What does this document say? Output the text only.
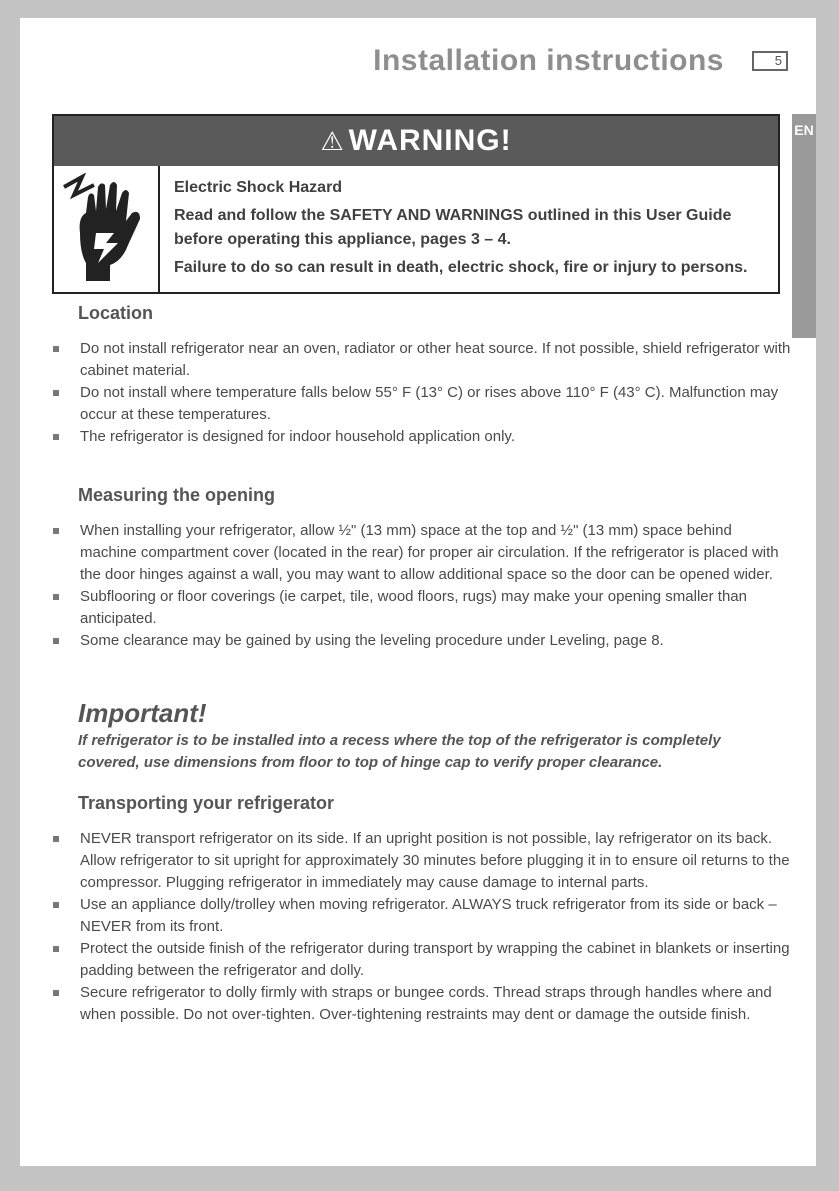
Installation instructions	5
⚠ WARNING!

Electric Shock Hazard

Read and follow the SAFETY AND WARNINGS outlined in this User Guide before operating this appliance, pages 3 – 4.

Failure to do so can result in death, electric shock, fire or injury to persons.

EN
Location
Do not install refrigerator near an oven, radiator or other heat source. If not possible, shield refrigerator with cabinet material.
Do not install where temperature falls below 55° F (13° C) or rises above 110° F (43° C). Malfunction may occur at these temperatures.
The refrigerator is designed for indoor household application only.
Measuring the opening
When installing your refrigerator, allow ½" (13 mm) space at the top and ½" (13 mm) space behind machine compartment cover (located in the rear) for proper air circulation. If the refrigerator is placed with the door hinges against a wall, you may want to allow additional space so the door can be opened wider.
Subflooring or floor coverings (ie carpet, tile, wood floors, rugs) may make your opening smaller than anticipated.
Some clearance may be gained by using the leveling procedure under Leveling, page 8.
Important!
If refrigerator is to be installed into a recess where the top of the refrigerator is completely covered, use dimensions from floor to top of hinge cap to verify proper clearance.
Transporting your refrigerator
NEVER transport refrigerator on its side. If an upright position is not possible, lay refrigerator on its back. Allow refrigerator to sit upright for approximately 30 minutes before plugging it in to ensure oil returns to the compressor. Plugging refrigerator in immediately may cause damage to internal parts.
Use an appliance dolly/trolley when moving refrigerator. ALWAYS truck refrigerator from its side or back – NEVER from its front.
Protect the outside finish of the refrigerator during transport by wrapping the cabinet in blankets or inserting padding between the refrigerator and dolly.
Secure refrigerator to dolly firmly with straps or bungee cords. Thread straps through handles where and when possible. Do not over-tighten. Over-tightening restraints may dent or damage the outside finish.
